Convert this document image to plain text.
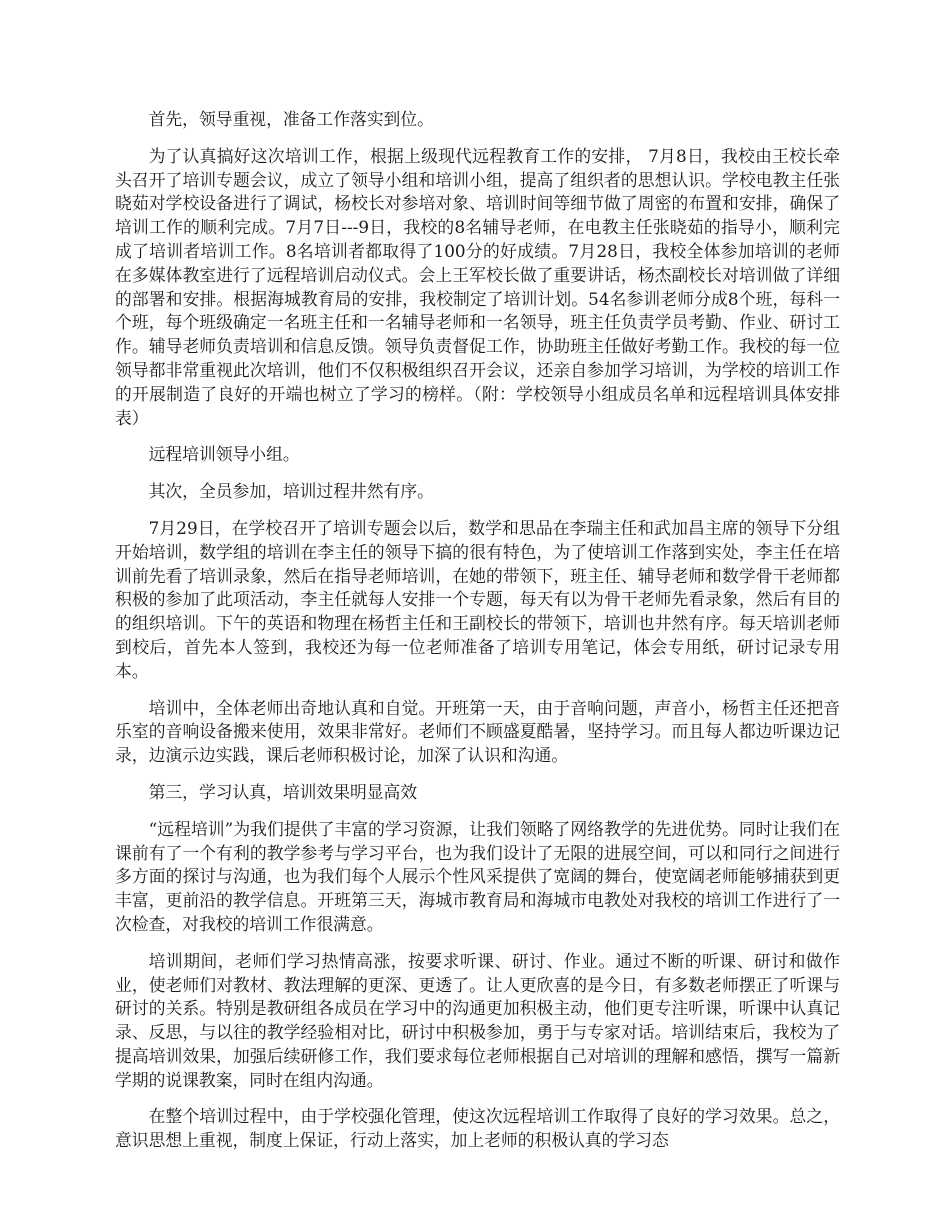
首先，领导重视，准备工作落实到位。

为了认真搞好这次培训工作，根据上级现代远程教育工作的安排， 7月8日，我校由王校长牵头召开了培训专题会议，成立了领导小组和培训小组，提高了组织者的思想认识。学校电教主任张晓茹对学校设备进行了调试，杨校长对参培对象、培训时间等细节做了周密的布置和安排，确保了培训工作的顺利完成。7月7日---9日，我校的8名辅导老师，在电教主任张晓茹的指导小，顺利完成了培训者培训工作。8名培训者都取得了100分的好成绩。7月28日，我校全体参加培训的老师在多媒体教室进行了远程培训启动仪式。会上王军校长做了重要讲话，杨杰副校长对培训做了详细的部署和安排。根据海城教育局的安排，我校制定了培训计划。54名参训老师分成8个班，每科一个班，每个班级确定一名班主任和一名辅导老师和一名领导，班主任负责学员考勤、作业、研讨工作。辅导老师负责培训和信息反馈。领导负责督促工作，协助班主任做好考勤工作。我校的每一位领导都非常重视此次培训，他们不仅积极组织召开会议，还亲自参加学习培训，为学校的培训工作的开展制造了良好的开端也树立了学习的榜样。（附：学校领导小组成员名单和远程培训具体安排表）

远程培训领导小组。

其次，全员参加，培训过程井然有序。

7月29日，在学校召开了培训专题会以后，数学和思品在李瑞主任和武加昌主席的领导下分组开始培训，数学组的培训在李主任的领导下搞的很有特色，为了使培训工作落到实处，李主任在培训前先看了培训录象，然后在指导老师培训，在她的带领下，班主任、辅导老师和数学骨干老师都积极的参加了此项活动，李主任就每人安排一个专题，每天有以为骨干老师先看录象，然后有目的的组织培训。下午的英语和物理在杨哲主任和王副校长的带领下，培训也井然有序。每天培训老师到校后，首先本人签到，我校还为每一位老师准备了培训专用笔记，体会专用纸，研讨记录专用本。

培训中，全体老师出奇地认真和自觉。开班第一天，由于音响问题，声音小，杨哲主任还把音乐室的音响设备搬来使用，效果非常好。老师们不顾盛夏酷暑，坚持学习。而且每人都边听课边记录，边演示边实践，课后老师积极讨论，加深了认识和沟通。

第三，学习认真，培训效果明显高效

“远程培训”为我们提供了丰富的学习资源，让我们领略了网络教学的先进优势。同时让我们在课前有了一个有利的教学参考与学习平台，也为我们设计了无限的进展空间，可以和同行之间进行多方面的探讨与沟通，也为我们每个人展示个性风采提供了宽阔的舞台，使宽阔老师能够捕获到更丰富，更前沿的教学信息。开班第三天，海城市教育局和海城市电教处对我校的培训工作进行了一次检查，对我校的培训工作很满意。

培训期间，老师们学习热情高涨，按要求听课、研讨、作业。通过不断的听课、研讨和做作业，使老师们对教材、教法理解的更深、更透了。让人更欣喜的是今日，有多数老师摆正了听课与研讨的关系。特别是教研组各成员在学习中的沟通更加积极主动，他们更专注听课，听课中认真记录、反思，与以往的教学经验相对比，研讨中积极参加，勇于与专家对话。培训结束后，我校为了提高培训效果，加强后续研修工作，我们要求每位老师根据自己对培训的理解和感悟，撰写一篇新学期的说课教案，同时在组内沟通。

在整个培训过程中，由于学校强化管理，使这次远程培训工作取得了良好的学习效果。总之，意识思想上重视，制度上保证，行动上落实，加上老师的积极认真的学习态
